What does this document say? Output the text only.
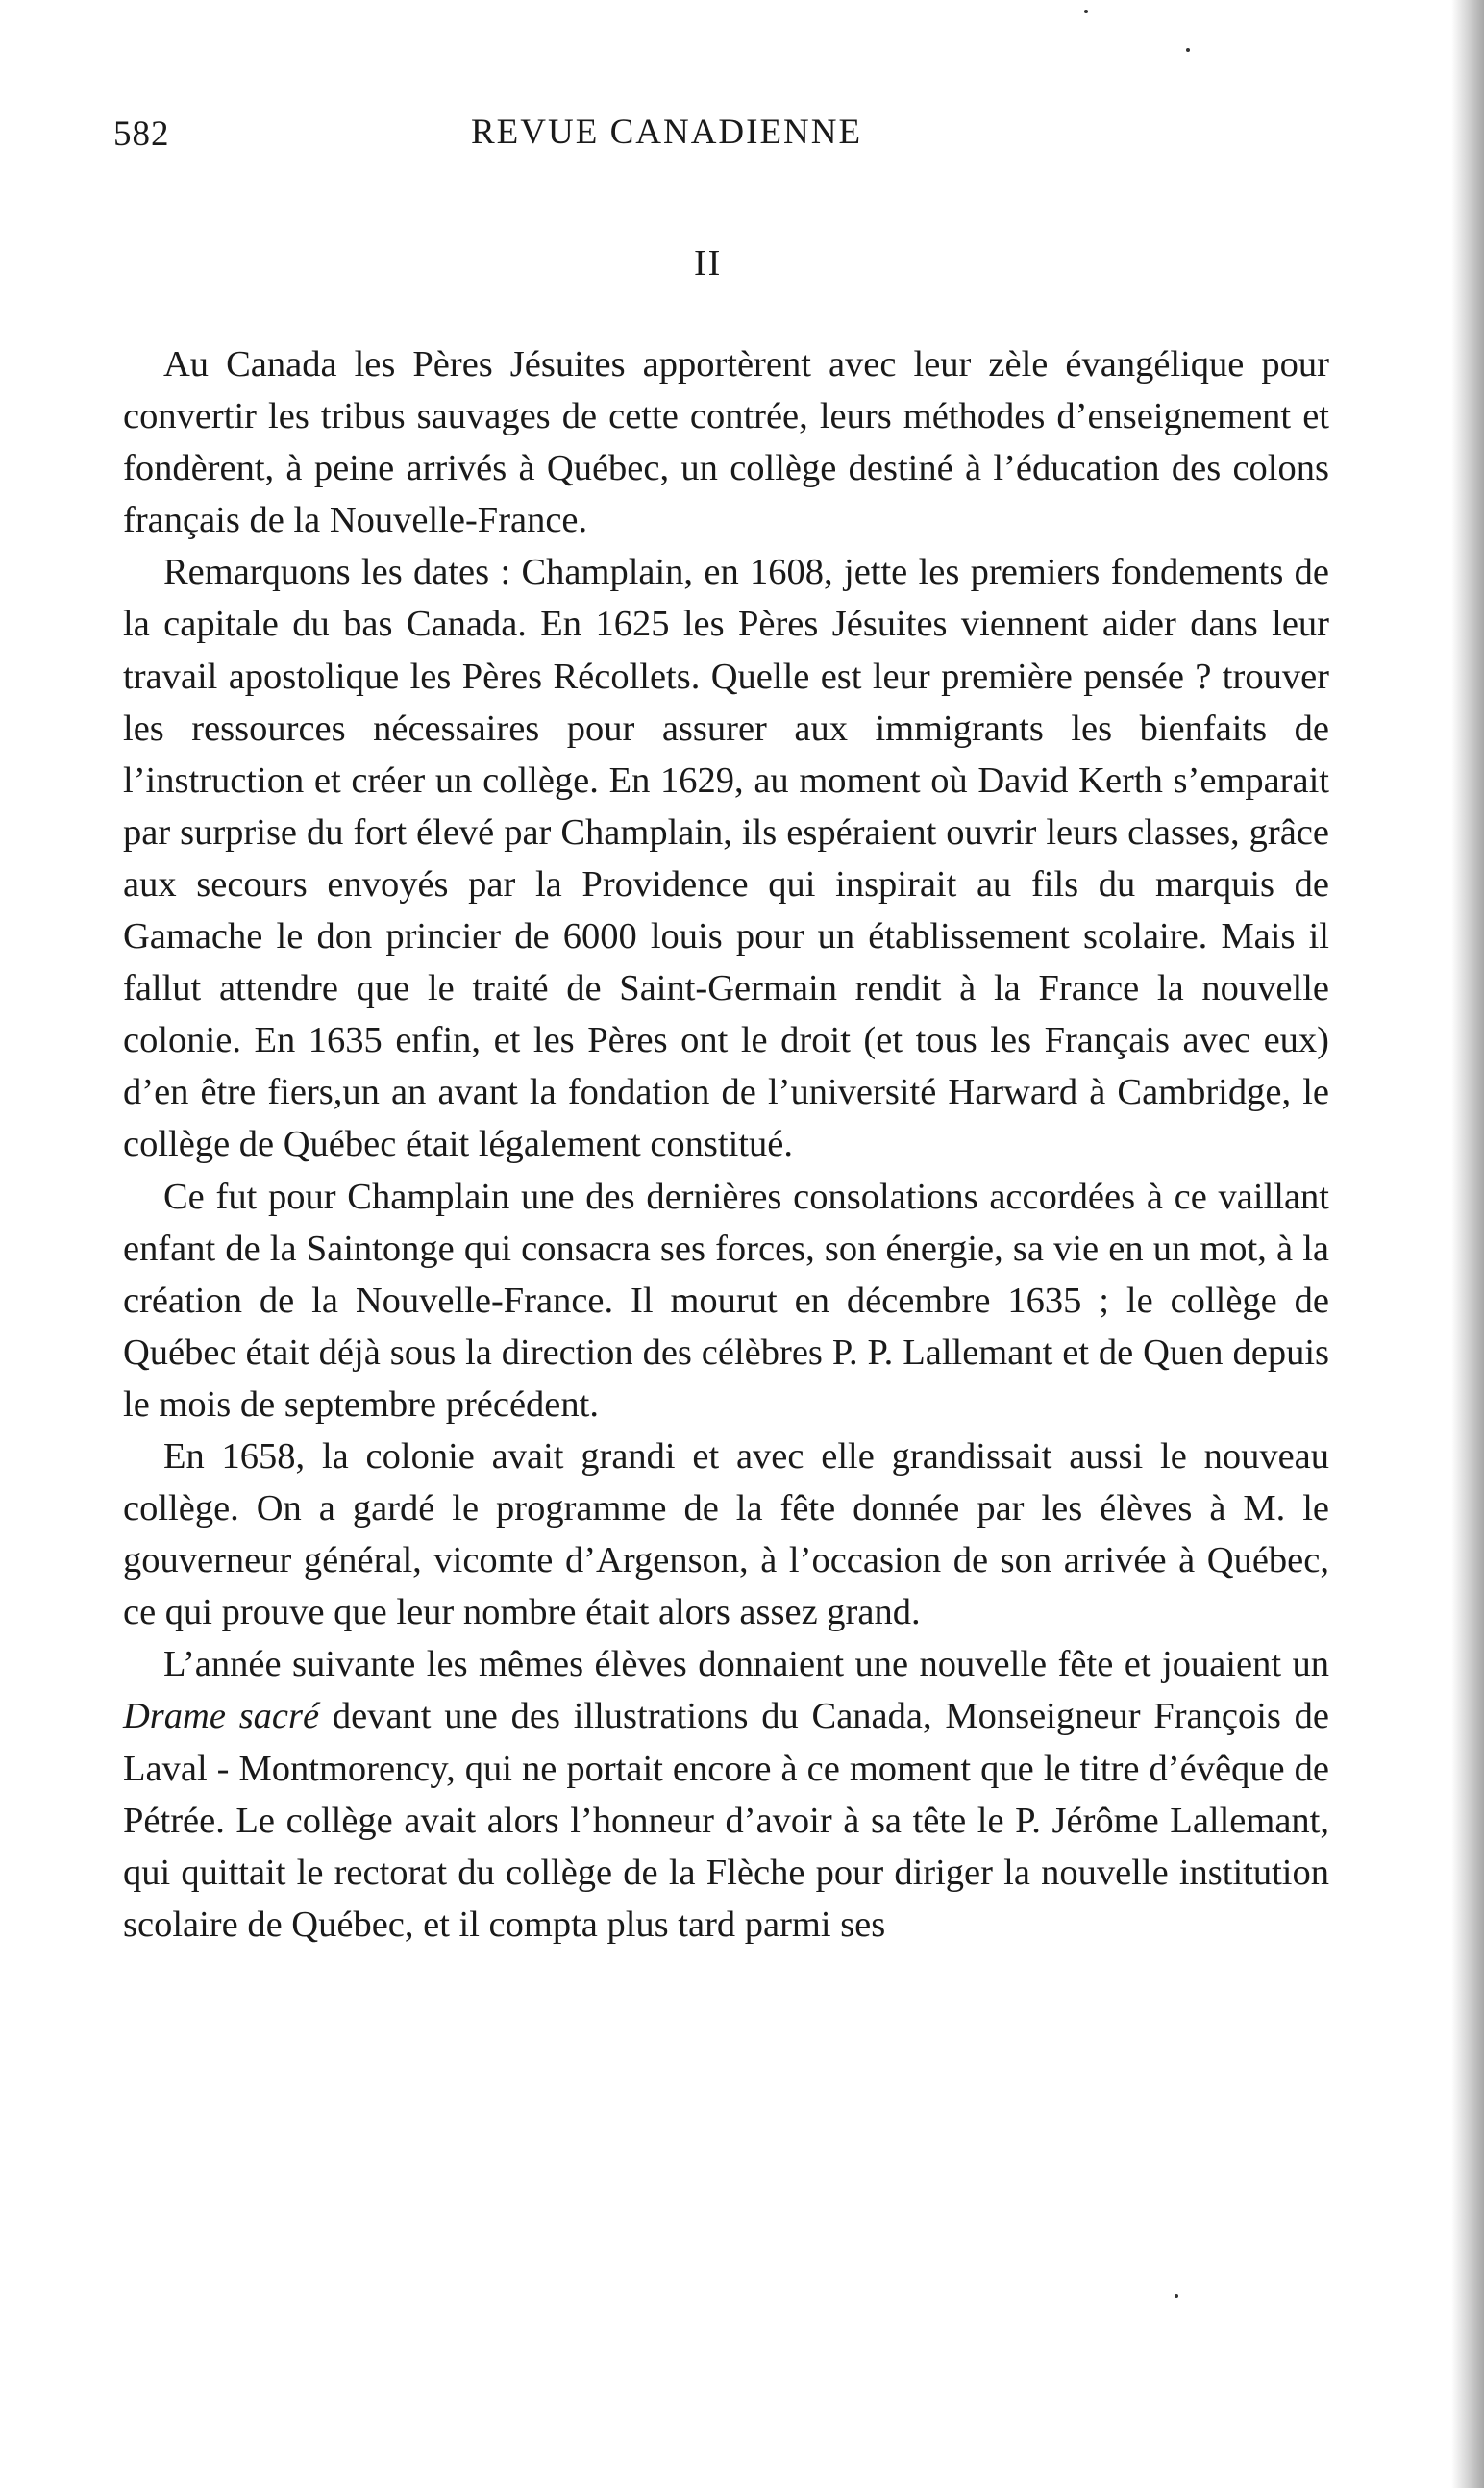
582	REVUE CANADIENNE
II

Au Canada les Pères Jésuites apportèrent avec leur zèle évangélique pour convertir les tribus sauvages de cette contrée, leurs méthodes d’enseignement et fondèrent, à peine arrivés à Québec, un collège destiné à l’éducation des colons français de la Nouvelle-France.

Remarquons les dates : Champlain, en 1608, jette les premiers fondements de la capitale du bas Canada. En 1625 les Pères Jésuites viennent aider dans leur travail apostolique les Pères Récollets. Quelle est leur première pensée ? trouver les ressources nécessaires pour assurer aux immigrants les bienfaits de l’instruction et créer un collège. En 1629, au moment où David Kerth s’emparait par surprise du fort élevé par Champlain, ils espéraient ouvrir leurs classes, grâce aux secours envoyés par la Providence qui inspirait au fils du marquis de Gamache le don princier de 6000 louis pour un établissement scolaire. Mais il fallut attendre que le traité de Saint-Germain rendit à la France la nouvelle colonie. En 1635 enfin, et les Pères ont le droit (et tous les Français avec eux) d’en être fiers,un an avant la fondation de l’université Harward à Cambridge, le collège de Québec était légalement constitué.

Ce fut pour Champlain une des dernières consolations accordées à ce vaillant enfant de la Saintonge qui consacra ses forces, son énergie, sa vie en un mot, à la création de la Nouvelle-France. Il mourut en décembre 1635 ; le collège de Québec était déjà sous la direction des célèbres P. P. Lallemant et de Quen depuis le mois de septembre précédent.

En 1658, la colonie avait grandi et avec elle grandissait aussi le nouveau collège. On a gardé le programme de la fête donnée par les élèves à M. le gouverneur général, vicomte d’Argenson, à l’occasion de son arrivée à Québec, ce qui prouve que leur nombre était alors assez grand.

L’année suivante les mêmes élèves donnaient une nouvelle fête et jouaient un Drame sacré devant une des illustrations du Canada, Monseigneur François de Laval - Montmorency, qui ne portait encore à ce moment que le titre d’évêque de Pétrée. Le collège avait alors l’honneur d’avoir à sa tête le P. Jérôme Lallemant, qui quittait le rectorat du collège de la Flèche pour diriger la nouvelle institution scolaire de Québec, et il compta plus tard parmi ses
